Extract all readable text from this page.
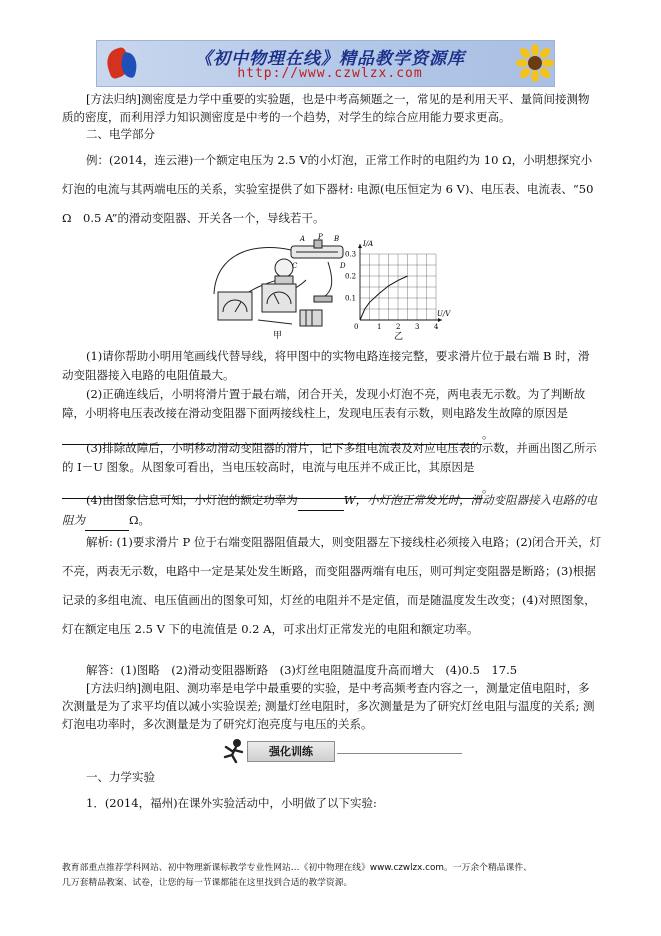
《初中物理在线》精品教学资源库
http://www.czwlzx.com
[方法归纳]测密度是力学中重要的实验题，也是中考高频题之一，常见的是利用天平、量筒间接测物质的密度，而利用浮力知识测密度是中考的一个趋势，对学生的综合应用能力要求更高。
二、电学部分
例：(2014，连云港)一个额定电压为 2.5 V的小灯泡，正常工作时的电阻约为 10 Ω，小明想探究小灯泡的电流与其两端电压的关系，实验室提供了如下器材: 电源(电压恒定为 6 V)、电压表、电流表、“50 Ω　0.5 A”的滑动变阻器、开关各一个，导线若干。
A	B
C	D
P
甲
1 2 3 4
0.1
0.2
0.3
I/A
U/V
0
乙
(1)请你帮助小明用笔画线代替导线，将甲图中的实物电路连接完整，要求滑片位于最右端 B 时，滑动变阻器接入电路的电阻值最大。
(2)正确连线后，小明将滑片置于最右端，闭合开关，发现小灯泡不亮，两电表无示数。为了判断故障，小明将电压表改接在滑动变阻器下面两接线柱上，发现电压表有示数，则电路发生故障的原因是
。
(3)排除故障后，小明移动滑动变阻器的滑片，记下多组电流表及对应电压表的示数，并画出图乙所示的 I－U 图象。从图象可看出，当电压较高时，电流与电压并不成正比，其原因是
。
(4)由图象信息可知，小灯泡的额定功率为	W，小灯泡正常发光时，滑动变阻器接入电路的电阻为	Ω。
解析: (1)要求滑片 P 位于右端变阻器阻值最大，则变阻器左下接线柱必须接入电路；(2)闭合开关，灯不亮，两表无示数，电路中一定是某处发生断路，而变阻器两端有电压，则可判定变阻器是断路；(3)根据记录的多组电流、电压值画出的图象可知，灯丝的电阻并不是定值，而是随温度发生改变；(4)对照图象，灯在额定电压 2.5 V 下的电流值是 0.2 A，可求出灯正常发光的电阻和额定功率。
解答：(1)图略　(2)滑动变阻器断路　(3)灯丝电阻随温度升高而增大　(4)0.5　17.5
[方法归纳]测电阻、测功率是电学中最重要的实验，是中考高频考查内容之一，测量定值电阻时，多次测量是为了求平均值以减小实验误差; 测量灯丝电阻时，多次测量是为了研究灯丝电阻与温度的关系; 测灯泡电功率时，多次测量是为了研究灯泡亮度与电压的关系。
强化训练
一、力学实验
1．(2014，福州)在课外实验活动中，小明做了以下实验:
教育部重点推荐学科网站、初中物理新课标教学专业性网站…《初中物理在线》www.czwlzx.com。一万余个精品课件、
几万套精品教案、试卷，让您的每一节课都能在这里找到合适的教学资源。
